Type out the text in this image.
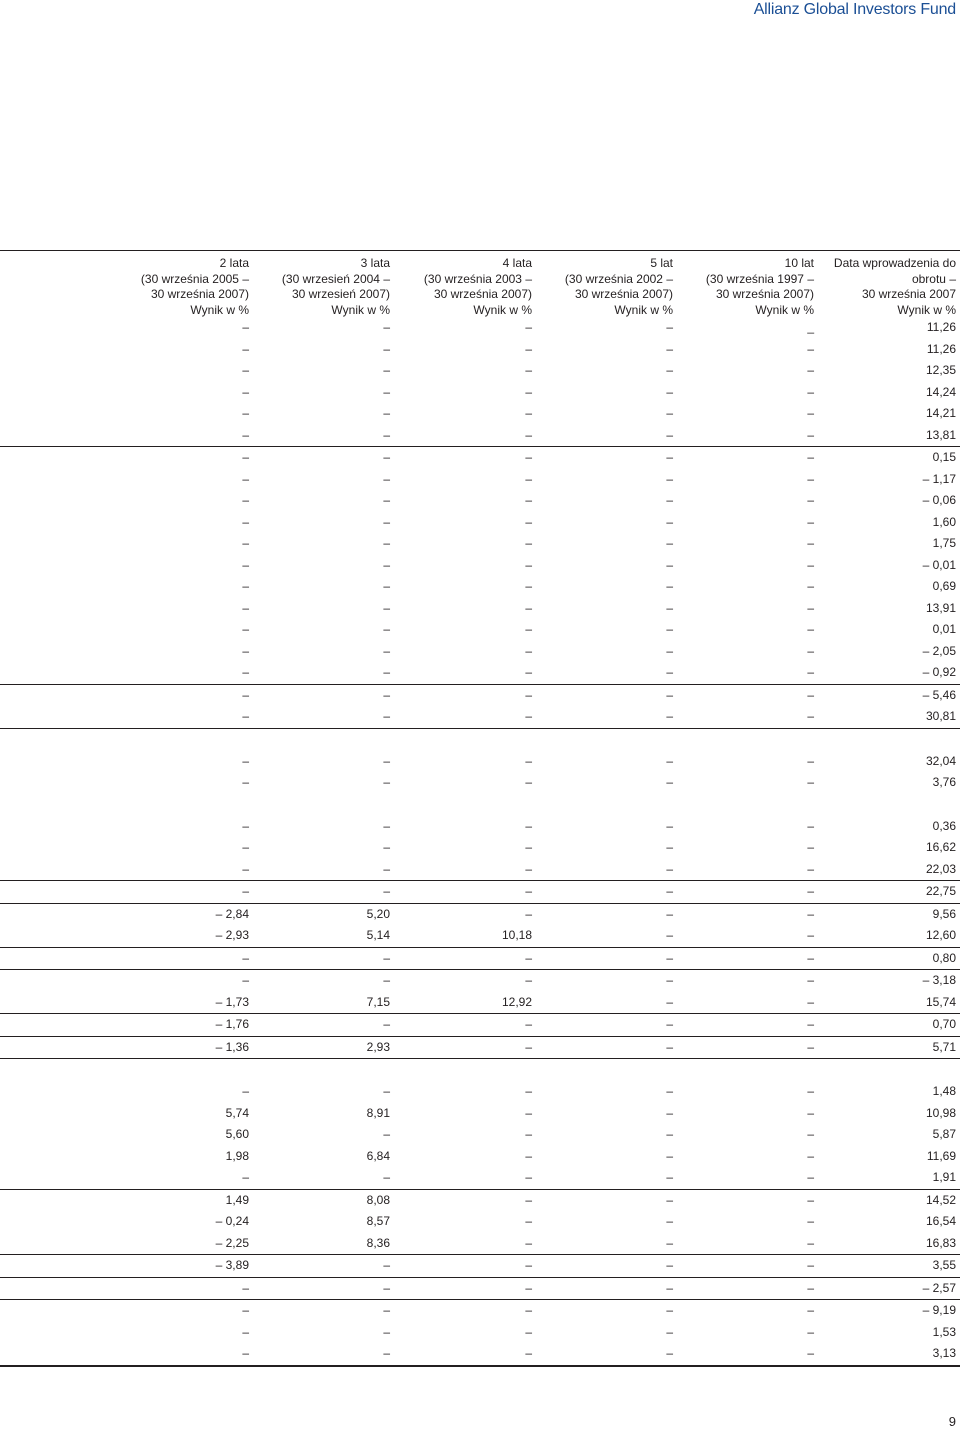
Allianz Global Investors Fund
2 lata
(30 września 2005 –
30 września 2007)
Wynik w %
3 lata
(30 wrzesień 2004 –
30 wrzesień 2007)
Wynik w %
4 lata
(30 września 2003 –
30 września 2007)
Wynik w %
5 lat
(30 września 2002 –
30 września 2007)
Wynik w %
10 lat
(30 września 1997 –
30 września 2007)
Wynik w %
Data wprowadzenia do
obrotu –
30 września 2007
Wynik w %
–	–	–	–	_	11,26
–	–	–	–	–	11,26
–	–	–	–	–	12,35
–	–	–	–	–	14,24
–	–	–	–	–	14,21
–	–	–	–	–	13,81
–	–	–	–	–	0,15
–	–	–	–	–	– 1,17
–	–	–	–	–	– 0,06
–	–	–	–	–	1,60
–	–	–	–	–	1,75
–	–	–	–	–	– 0,01
–	–	–	–	–	0,69
–	–	–	–	–	13,91
–	–	–	–	–	0,01
–	–	–	–	–	– 2,05
–	–	–	–	–	– 0,92
–	–	–	–	–	– 5,46
–	–	–	–	–	30,81
–	–	–	–	–	32,04
–	–	–	–	–	3,76
–	–	–	–	–	0,36
–	–	–	–	–	16,62
–	–	–	–	–	22,03
–	–	–	–	–	22,75
– 2,84	5,20	–	–	–	9,56
– 2,93	5,14	10,18	–	–	12,60
–	–	–	–	–	0,80
–	–	–	–	–	– 3,18
– 1,73	7,15	12,92	–	–	15,74
– 1,76	–	–	–	–	0,70
– 1,36	2,93	–	–	–	5,71
–	–	–	–	–	1,48
5,74	8,91	–	–	–	10,98
5,60	–	–	–	–	5,87
1,98	6,84	–	–	–	11,69
–	–	–	–	–	1,91
1,49	8,08	–	–	–	14,52
– 0,24	8,57	–	–	–	16,54
– 2,25	8,36	–	–	–	16,83
– 3,89	–	–	–	–	3,55
–	–	–	–	–	– 2,57
–	–	–	–	–	– 9,19
–	–	–	–	–	1,53
–	–	–	–	–	3,13
9
